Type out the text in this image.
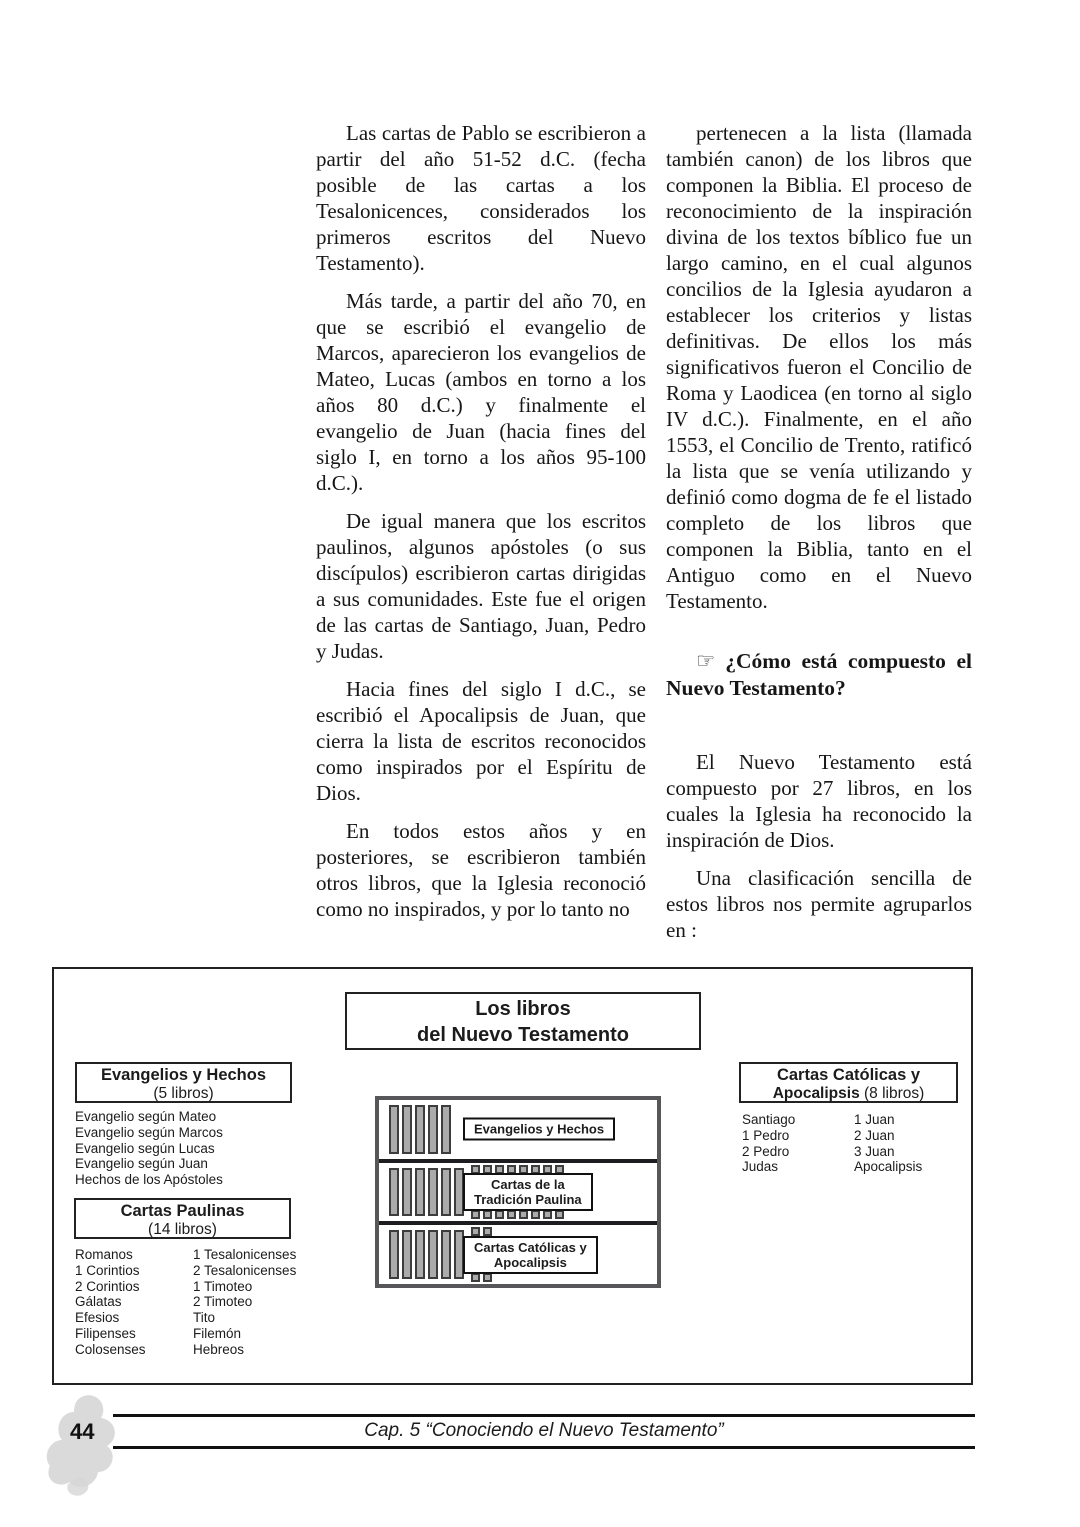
Las cartas de Pablo se escribieron a partir del año 51-52 d.C. (fecha posible de las cartas a los Tesalonicences, considerados los primeros escritos del Nuevo Testamento).

Más tarde, a partir del año 70, en que se escribió el evangelio de Marcos, aparecieron los evangelios de Mateo, Lucas (ambos en torno a los años 80 d.C.) y finalmente el evangelio de Juan (hacia fines del siglo I, en torno a los años 95-100 d.C.).

De igual manera que los escritos paulinos, algunos apóstoles (o sus discípulos) escribieron cartas dirigidas a sus comunidades. Este fue el origen de las cartas de Santiago, Juan, Pedro y Judas.

Hacia fines del siglo I d.C., se escribió el Apocalipsis de Juan, que cierra la lista de escritos reconocidos como inspirados por el Espíritu de Dios.

En todos estos años y en posteriores, se escribieron también otros libros, que la Iglesia reconoció como no inspirados, y por lo tanto no

pertenecen a la lista (llamada también canon) de los libros que componen la Biblia. El proceso de reconocimiento de la inspiración divina de los textos bíblico fue un largo camino, en el cual algunos concilios de la Iglesia ayudaron a establecer los criterios y listas definitivas. De ellos los más significativos fueron el Concilio de Roma y Laodicea (en torno al siglo IV d.C.). Finalmente, en el año 1553, el Concilio de Trento, ratificó la lista que se venía utilizando y definió como dogma de fe el listado completo de los libros que componen la Biblia, tanto en el Antiguo como en el Nuevo Testamento.

☞ ¿Cómo está compuesto el Nuevo Testamento?

El Nuevo Testamento está compuesto por 27 libros, en los cuales la Iglesia ha reconocido la inspiración de Dios.

Una clasificación sencilla de estos libros nos permite agruparlos en :

Los libros
del Nuevo Testamento
Evangelios y Hechos
(5 libros)
Evangelio según Mateo
Evangelio según Marcos
Evangelio según Lucas
Evangelio según Juan
Hechos de los Apóstoles
Cartas Paulinas
(14 libros)
Romanos
1 Corintios
2 Corintios
Gálatas
Efesios
Filipenses
Colosenses
1 Tesalonicenses
2 Tesalonicenses
1 Timoteo
2 Timoteo
Tito
Filemón
Hebreos
Cartas Católicas y
Apocalipsis (8 libros)
Santiago
1 Pedro
2 Pedro
Judas
1 Juan
2 Juan
3 Juan
Apocalipsis
Evangelios y Hechos
Cartas de la
Tradición Paulina
Cartas Católicas y
Apocalipsis
Cap. 5 “Conociendo el Nuevo Testamento”
44
